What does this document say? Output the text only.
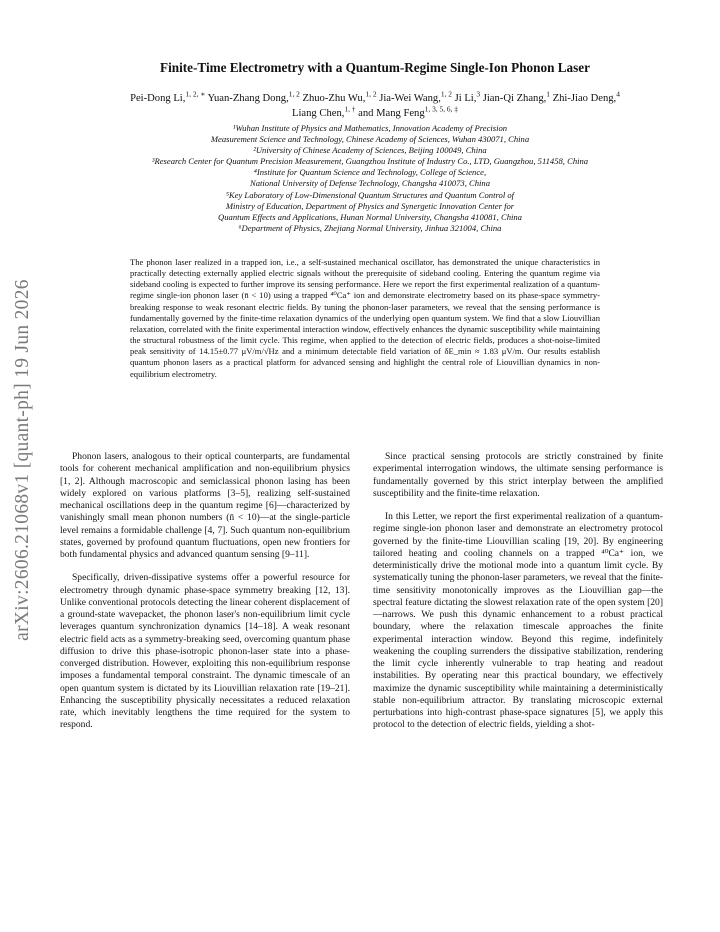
arXiv:2606.21068v1 [quant-ph] 19 Jun 2026
Finite-Time Electrometry with a Quantum-Regime Single-Ion Phonon Laser
Pei-Dong Li,$^{1, 2, ∗}$ Yuan-Zhang Dong,$^{1, 2}$ Zhuo-Zhu Wu,$^{1, 2}$ Jia-Wei Wang,$^{1, 2}$ Ji Li,$^3$ Jian-Qi Zhang,$^1$ Zhi-Jiao Deng,$^4$ Liang Chen,$^{1, \dagger}$ and Mang Feng$^{1, 3, 5, 6, \ddagger}$
¹Wuhan Institute of Physics and Mathematics, Innovation Academy of Precision
Measurement Science and Technology, Chinese Academy of Sciences, Wuhan 430071, China
²University of Chinese Academy of Sciences, Beijing 100049, China
³Research Center for Quantum Precision Measurement, Guangzhou Institute of Industry Co., LTD, Guangzhou, 511458, China
⁴Institute for Quantum Science and Technology, College of Science,
National University of Defense Technology, Changsha 410073, China
⁵Key Laboratory of Low-Dimensional Quantum Structures and Quantum Control of
Ministry of Education, Department of Physics and Synergetic Innovation Center for
Quantum Effects and Applications, Hunan Normal University, Changsha 410081, China
⁶Department of Physics, Zhejiang Normal University, Jinhua 321004, China
The phonon laser realized in a trapped ion, i.e., a self-sustained mechanical oscillator, has demonstrated the unique characteristics in practically detecting externally applied electric signals without the prerequisite of sideband cooling. Entering the quantum regime via sideband cooling is expected to further improve its sensing performance. Here we report the first experimental realization of a quantum-regime single-ion phonon laser (n̄ < 10) using a trapped ⁴⁰Ca⁺ ion and demonstrate electrometry based on its phase-space symmetry-breaking response to weak resonant electric fields. By tuning the phonon-laser parameters, we reveal that the sensing performance is fundamentally governed by the finite-time relaxation dynamics of the underlying open quantum system. We find that a slow Liouvillian relaxation, correlated with the finite experimental interaction window, effectively enhances the dynamic susceptibility while maintaining the structural robustness of the limit cycle. This regime, when applied to the detection of electric fields, produces a shot-noise-limited peak sensitivity of 14.15±0.77 μV/m/√Hz and a minimum detectable field variation of δE_min ≈ 1.83 μV/m. Our results establish quantum phonon lasers as a practical platform for advanced sensing and highlight the central role of Liouvillian dynamics in non-equilibrium electrometry.

Phonon lasers, analogous to their optical counterparts, are fundamental tools for coherent mechanical amplification and non-equilibrium physics [1, 2]. Although macroscopic and semiclassical phonon lasing has been widely explored on various platforms [3–5], realizing self-sustained mechanical oscillations deep in the quantum regime [6]—characterized by vanishingly small mean phonon numbers (n̄ < 10)—at the single-particle level remains a formidable challenge [4, 7]. Such quantum non-equilibrium states, governed by profound quantum fluctuations, open new frontiers for both fundamental physics and advanced quantum sensing [9–11].

Specifically, driven-dissipative systems offer a powerful resource for electrometry through dynamic phase-space symmetry breaking [12, 13]. Unlike conventional protocols detecting the linear coherent displacement of a ground-state wavepacket, the phonon laser's non-equilibrium limit cycle leverages quantum synchronization dynamics [14–18]. A weak resonant electric field acts as a symmetry-breaking seed, overcoming quantum phase diffusion to drive this phase-isotropic phonon-laser state into a phase-converged distribution. However, exploiting this non-equilibrium response imposes a fundamental temporal constraint. The dynamic timescale of an open quantum system is dictated by its Liouvillian relaxation rate [19–21]. Enhancing the susceptibility physically necessitates a reduced relaxation rate, which inevitably lengthens the time required for the system to respond.

Since practical sensing protocols are strictly constrained by finite experimental interrogation windows, the ultimate sensing performance is fundamentally governed by this strict interplay between the amplified susceptibility and the finite-time relaxation.

In this Letter, we report the first experimental realization of a quantum-regime single-ion phonon laser and demonstrate an electrometry protocol governed by the finite-time Liouvillian scaling [19, 20]. By engineering tailored heating and cooling channels on a trapped ⁴⁰Ca⁺ ion, we deterministically drive the motional mode into a quantum limit cycle. By systematically tuning the phonon-laser parameters, we reveal that the finite-time sensitivity monotonically improves as the Liouvillian gap—the spectral feature dictating the slowest relaxation rate of the open system [20]—narrows. We push this dynamic enhancement to a robust practical boundary, where the relaxation timescale approaches the finite experimental interaction window. Beyond this regime, indefinitely weakening the coupling surrenders the dissipative stabilization, rendering the limit cycle inherently vulnerable to trap heating and readout instabilities. By operating near this practical boundary, we effectively maximize the dynamic susceptibility while maintaining a deterministically stable non-equilibrium attractor. By translating microscopic external perturbations into high-contrast phase-space signatures [5], we apply this protocol to the detection of electric fields, yielding a shot-
